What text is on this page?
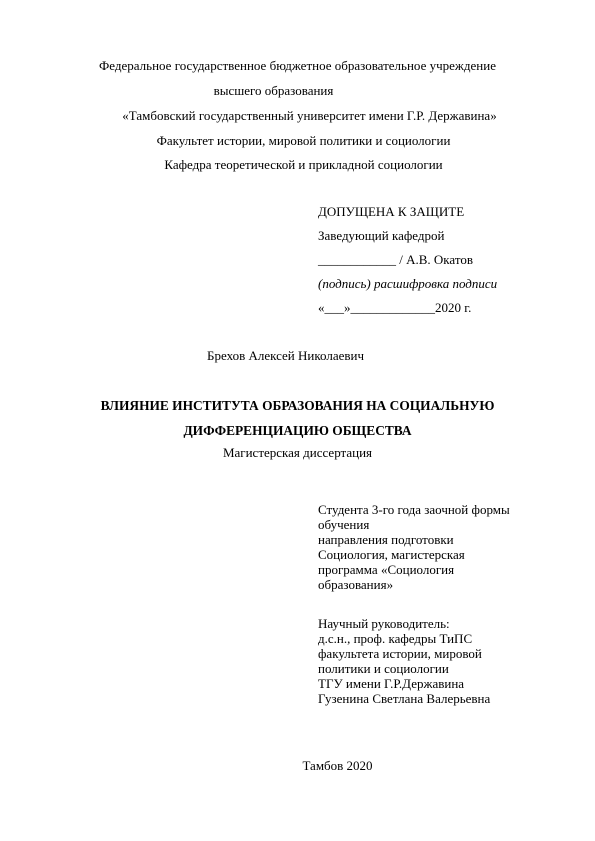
Федеральное государственное бюджетное образовательное учреждение
высшего образования
«Тамбовский государственный университет имени Г.Р. Державина»
Факультет истории, мировой политики и социологии
Кафедра теоретической и прикладной социологии
ДОПУЩЕНА К ЗАЩИТЕ
Заведующий кафедрой
____________ / А.В. Окатов
(подпись) расшифровка подписи
«___»_____________2020 г.
Брехов Алексей Николаевич
ВЛИЯНИЕ ИНСТИТУТА ОБРАЗОВАНИЯ НА СОЦИАЛЬНУЮ
ДИФФЕРЕНЦИАЦИЮ ОБЩЕСТВА
Магистерская диссертация
Студента 3-го года заочной формы
обучения
направления подготовки
Социология, магистерская
программа «Социология
образования»
Научный руководитель:
д.с.н., проф. кафедры ТиПС
факультета истории, мировой
политики и социологии
ТГУ имени Г.Р.Державина
Гузенина Светлана Валерьевна
Тамбов 2020
